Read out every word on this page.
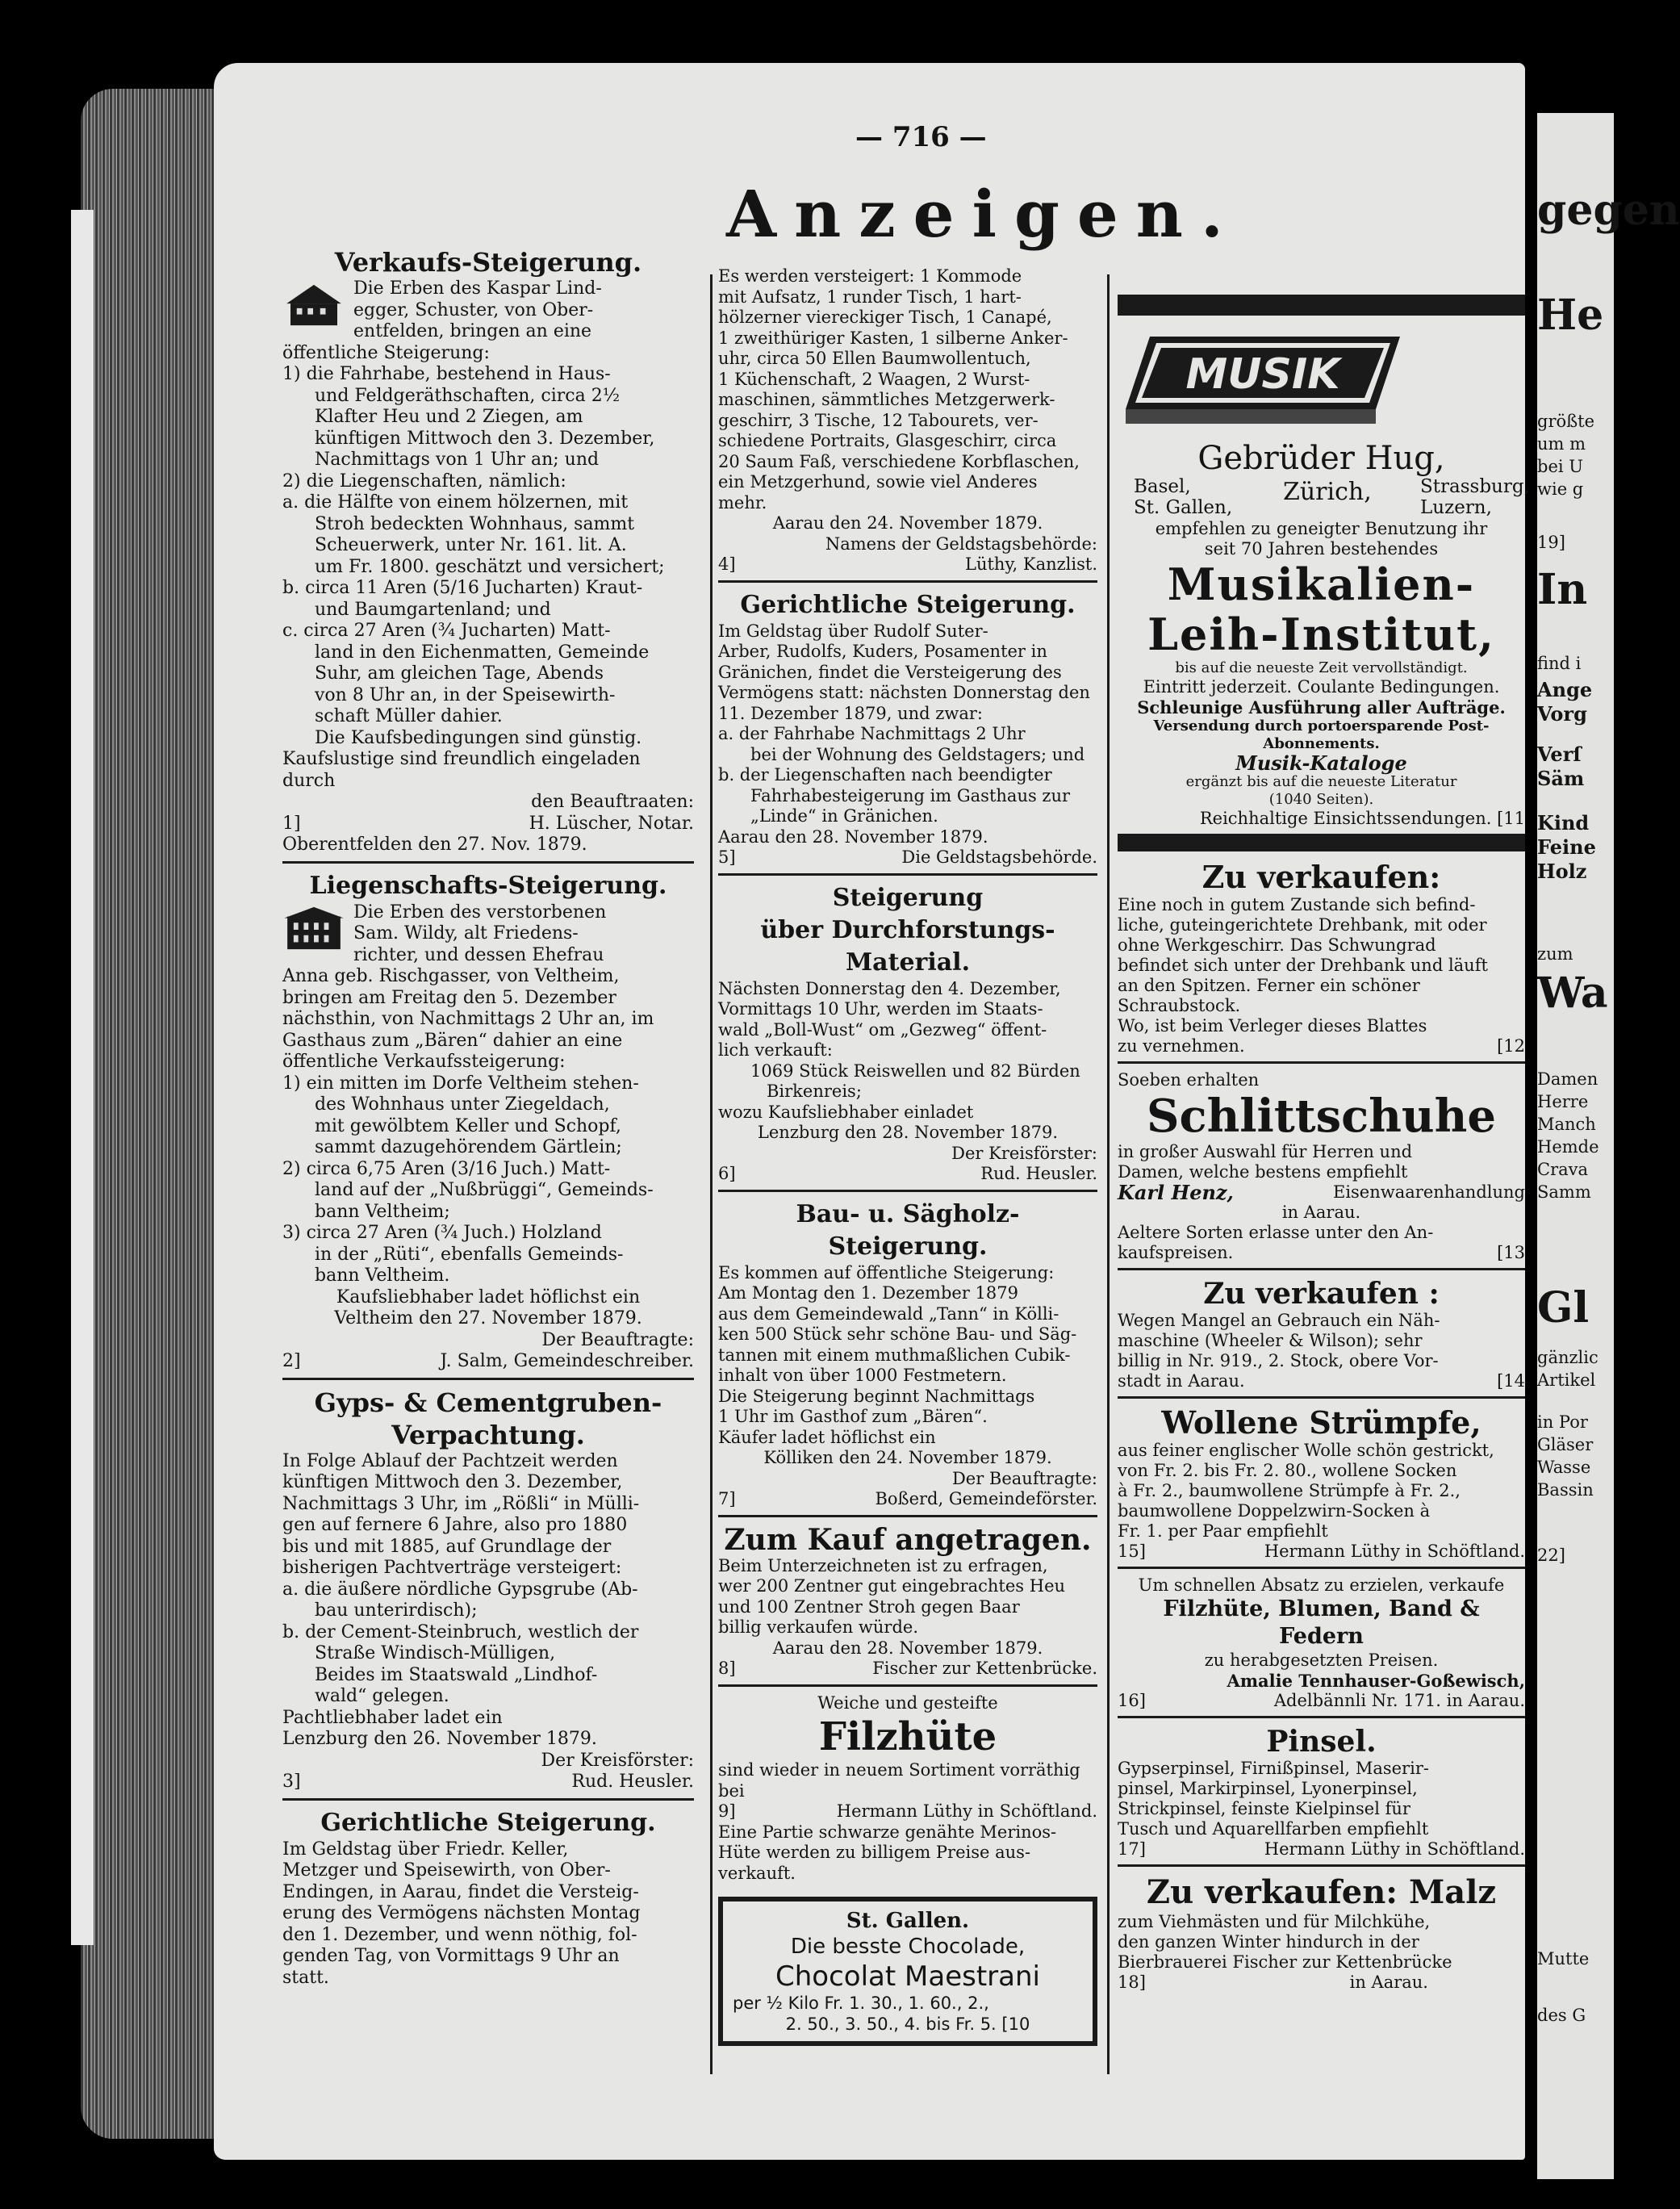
gegen
He
größte
um m
bei U
wie g
19]
In
find i
Ange
Vorg
Verſ
Säm
Kind
Feine
Holz
zum
Wa
Damen
Herre
Manch
Hemde
Crava
Samm
Gl
gänzlic
Artikel
in Por
Gläser
Wasse
Bassin
22]
Mutte
des G
— 716 —
Anzeigen.

Verkaufs-Steigerung.

Die Erben des Kaspar Lind-

egger, Schuster, von Ober-

entfelden, bringen an eine

öffentliche Steigerung:

1) die Fahrhabe, bestehend in Haus-

und Feldgeräthschaften, circa 2½

Klafter Heu und 2 Ziegen, am

künftigen Mittwoch den 3. Dezember,

Nachmittags von 1 Uhr an; und

2) die Liegenschaften, nämlich:

a. die Hälfte von einem hölzernen, mit

Stroh bedeckten Wohnhaus, sammt

Scheuerwerk, unter Nr. 161. lit. A.

um Fr. 1800. geschätzt und versichert;

b. circa 11 Aren (5/16 Jucharten) Kraut-

und Baumgartenland; und

c. circa 27 Aren (¾ Jucharten) Matt-

land in den Eichenmatten, Gemeinde

Suhr, am gleichen Tage, Abends

von 8 Uhr an, in der Speisewirth-

schaft Müller dahier.

Die Kaufsbedingungen sind günstig.

Kaufslustige sind freundlich eingeladen

durch

den Beauftraaten:

1]	H. Lüscher, Notar.

Oberentfelden den 27. Nov. 1879.

Liegenschafts-Steigerung.

Die Erben des verstorbenen

Sam. Wildy, alt Friedens-

richter, und dessen Ehefrau

Anna geb. Rischgasser, von Veltheim,

bringen am Freitag den 5. Dezember

nächsthin, von Nachmittags 2 Uhr an, im

Gasthaus zum „Bären“ dahier an eine

öffentliche Verkaufssteigerung:

1) ein mitten im Dorfe Veltheim stehen-

des Wohnhaus unter Ziegeldach,

mit gewölbtem Keller und Schopf,

sammt dazugehörendem Gärtlein;

2) circa 6,75 Aren (3/16 Juch.) Matt-

land auf der „Nußbrüggi“, Gemeinds-

bann Veltheim;

3) circa 27 Aren (¾ Juch.) Holzland

in der „Rüti“, ebenfalls Gemeinds-

bann Veltheim.

Kaufsliebhaber ladet höflichst ein

Veltheim den 27. November 1879.

Der Beauftragte:

2]	J. Salm, Gemeindeschreiber.

Gyps- & Cementgruben-

Verpachtung.

In Folge Ablauf der Pachtzeit werden

künftigen Mittwoch den 3. Dezember,

Nachmittags 3 Uhr, im „Rößli“ in Mülli-

gen auf fernere 6 Jahre, also pro 1880

bis und mit 1885, auf Grundlage der

bisherigen Pachtverträge versteigert:

a. die äußere nördliche Gypsgrube (Ab-

bau unterirdisch);

b. der Cement-Steinbruch, westlich der

Straße Windisch-Mülligen,

Beides im Staatswald „Lindhof-

wald“ gelegen.

Pachtliebhaber ladet ein

Lenzburg den 26. November 1879.

Der Kreisförster:

3]	Rud. Heusler.

Gerichtliche Steigerung.

Im Geldstag über Friedr. Keller,

Metzger und Speisewirth, von Ober-

Endingen, in Aarau, findet die Versteig-

erung des Vermögens nächsten Montag

den 1. Dezember, und wenn nöthig, fol-

genden Tag, von Vormittags 9 Uhr an

statt.

Es werden versteigert: 1 Kommode

mit Aufsatz, 1 runder Tisch, 1 hart-

hölzerner viereckiger Tisch, 1 Canapé,

1 zweithüriger Kasten, 1 silberne Anker-

uhr, circa 50 Ellen Baumwollentuch,

1 Küchenschaft, 2 Waagen, 2 Wurst-

maschinen, sämmtliches Metzgerwerk-

geschirr, 3 Tische, 12 Tabourets, ver-

schiedene Portraits, Glasgeschirr, circa

20 Saum Faß, verschiedene Korbflaschen,

ein Metzgerhund, sowie viel Anderes

mehr.

Aarau den 24. November 1879.

Namens der Geldstagsbehörde:

4]	Lüthy, Kanzlist.

Gerichtliche Steigerung.

Im Geldstag über Rudolf Suter-

Arber, Rudolfs, Kuders, Posamenter in

Gränichen, findet die Versteigerung des

Vermögens statt: nächsten Donnerstag den

11. Dezember 1879, und zwar:

a. der Fahrhabe Nachmittags 2 Uhr

bei der Wohnung des Geldstagers; und

b. der Liegenschaften nach beendigter

Fahrhabesteigerung im Gasthaus zur

„Linde“ in Gränichen.

Aarau den 28. November 1879.

5]	Die Geldstagsbehörde.

Steigerung

über Durchforstungs-Material.

Nächsten Donnerstag den 4. Dezember,

Vormittags 10 Uhr, werden im Staats-

wald „Boll-Wust“ om „Gezweg“ öffent-

lich verkauft:

1069 Stück Reiswellen und 82 Bürden

Birkenreis;

wozu Kaufsliebhaber einladet

Lenzburg den 28. November 1879.

Der Kreisförster:

6]	Rud. Heusler.

Bau- u. Sägholz-Steigerung.

Es kommen auf öffentliche Steigerung:

Am Montag den 1. Dezember 1879

aus dem Gemeindewald „Tann“ in Kölli-

ken 500 Stück sehr schöne Bau- und Säg-

tannen mit einem muthmaßlichen Cubik-

inhalt von über 1000 Festmetern.

Die Steigerung beginnt Nachmittags

1 Uhr im Gasthof zum „Bären“.

Käufer ladet höflichst ein

Kölliken den 24. November 1879.

Der Beauftragte:

7]	Boßerd, Gemeindeförster.

Zum Kauf angetragen.

Beim Unterzeichneten ist zu erfragen,

wer 200 Zentner gut eingebrachtes Heu

und 100 Zentner Stroh gegen Baar

billig verkaufen würde.

Aarau den 28. November 1879.

8]	Fischer zur Kettenbrücke.

Weiche und gesteifte

Filzhüte

sind wieder in neuem Sortiment vorräthig

bei

9]	Hermann Lüthy in Schöftland.

Eine Partie schwarze genähte Merinos-

Hüte werden zu billigem Preise aus-

verkauft.

St. Gallen.

Die besste Chocolade,

Chocolat Maestrani

per ½ Kilo Fr. 1. 30., 1. 60., 2.,

2. 50., 3. 50., 4. bis Fr. 5. [10

MUSIK

Gebrüder Hug,

Basel,
St. Gallen,
Zürich,	Strassburg,
Luzern,

empfehlen zu geneigter Benutzung ihr

seit 70 Jahren bestehendes

Musikalien-

Leih-Institut,

bis auf die neueste Zeit vervollständigt.

Eintritt jederzeit. Coulante Bedingungen.

Schleunige Ausführung aller Aufträge.

Versendung durch portoersparende Post-Abonnements.

Musik-Kataloge

ergänzt bis auf die neueste Literatur

(1040 Seiten).

Reichhaltige Einsichtssendungen. [11

Zu verkaufen:

Eine noch in gutem Zustande sich befind-

liche, guteingerichtete Drehbank, mit oder

ohne Werkgeschirr. Das Schwungrad

befindet sich unter der Drehbank und läuft

an den Spitzen. Ferner ein schöner

Schraubstock.

Wo, ist beim Verleger dieses Blattes

zu vernehmen.	[12

Soeben erhalten

Schlittschuhe

in großer Auswahl für Herren und

Damen, welche bestens empfiehlt

Karl Henz,	Eisenwaarenhandlung

in Aarau.

Aeltere Sorten erlasse unter den An-

kaufspreisen.	[13

Zu verkaufen :

Wegen Mangel an Gebrauch ein Näh-

maschine (Wheeler & Wilson); sehr

billig in Nr. 919., 2. Stock, obere Vor-

stadt in Aarau.	[14

Wollene Strümpfe,

aus feiner englischer Wolle schön gestrickt,

von Fr. 2. bis Fr. 2. 80., wollene Socken

à Fr. 2., baumwollene Strümpfe à Fr. 2.,

baumwollene Doppelzwirn-Socken à

Fr. 1. per Paar empfiehlt

15]	Hermann Lüthy in Schöftland.

Um schnellen Absatz zu erzielen, verkaufe

Filzhüte, Blumen, Band & Federn

zu herabgesetzten Preisen.

Amalie Tennhauser-Goßewisch,

16]	Adelbännli Nr. 171. in Aarau.

Pinsel.

Gypserpinsel, Firnißpinsel, Maserir-

pinsel, Markirpinsel, Lyonerpinsel,

Strickpinsel, feinste Kielpinsel für

Tusch und Aquarellfarben empfiehlt

17]	Hermann Lüthy in Schöftland.

Zu verkaufen: Malz

zum Viehmästen und für Milchkühe,

den ganzen Winter hindurch in der

Bierbrauerei Fischer zur Kettenbrücke

18]	in Aarau.
